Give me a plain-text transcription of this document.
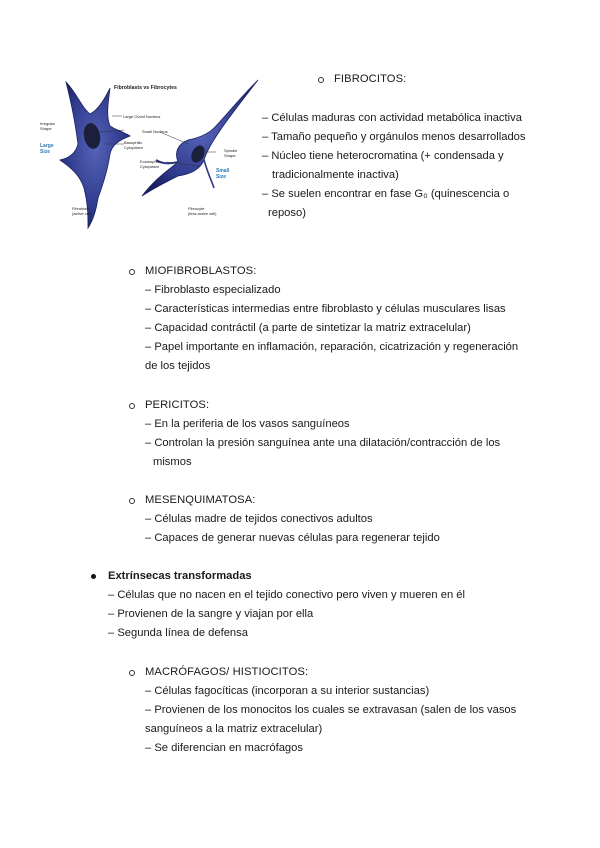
Fibroblasts vs Fibrocytes
Irregular
Shape
Large
Size
Large Ovoid Nucleus
Small Nucleus
Basophilic
Cytoplasm
Eosinophilic
Cytoplasm
Spindle
Shape
Small
Size
Fibroblast
(active cell)
Fibrocyte
(less active cell)
FIBROCITOS:
– Células maduras con actividad metabólica inactiva
– Tamaño pequeño y orgánulos menos desarrollados
– Núcleo tiene heterocromatina (+ condensada y
tradicionalmente inactiva)
– Se suelen encontrar en fase G₀ (quinescencia o
reposo)
MIOFIBROBLASTOS:
– Fibroblasto especializado
– Características intermedias entre fibroblasto y células musculares lisas
– Capacidad contráctil (a parte de sintetizar la matriz extracelular)
– Papel importante en inflamación, reparación, cicatrización y regeneración
de los tejidos
PERICITOS:
– En la periferia de los vasos sanguíneos
– Controlan la presión sanguínea ante una dilatación/contracción de los
mismos
MESENQUIMATOSA:
– Células madre de tejidos conectivos adultos
– Capaces de generar nuevas células para regenerar tejido
Extrínsecas transformadas
– Células que no nacen en el tejido conectivo pero viven y mueren en él
– Provienen de la sangre y viajan por ella
– Segunda línea de defensa
MACRÓFAGOS/ HISTIOCITOS:
– Células fagocíticas (incorporan a su interior sustancias)
– Provienen de los monocitos los cuales se extravasan (salen de los vasos
sanguíneos a la matriz extracelular)
– Se diferencian en macrófagos
